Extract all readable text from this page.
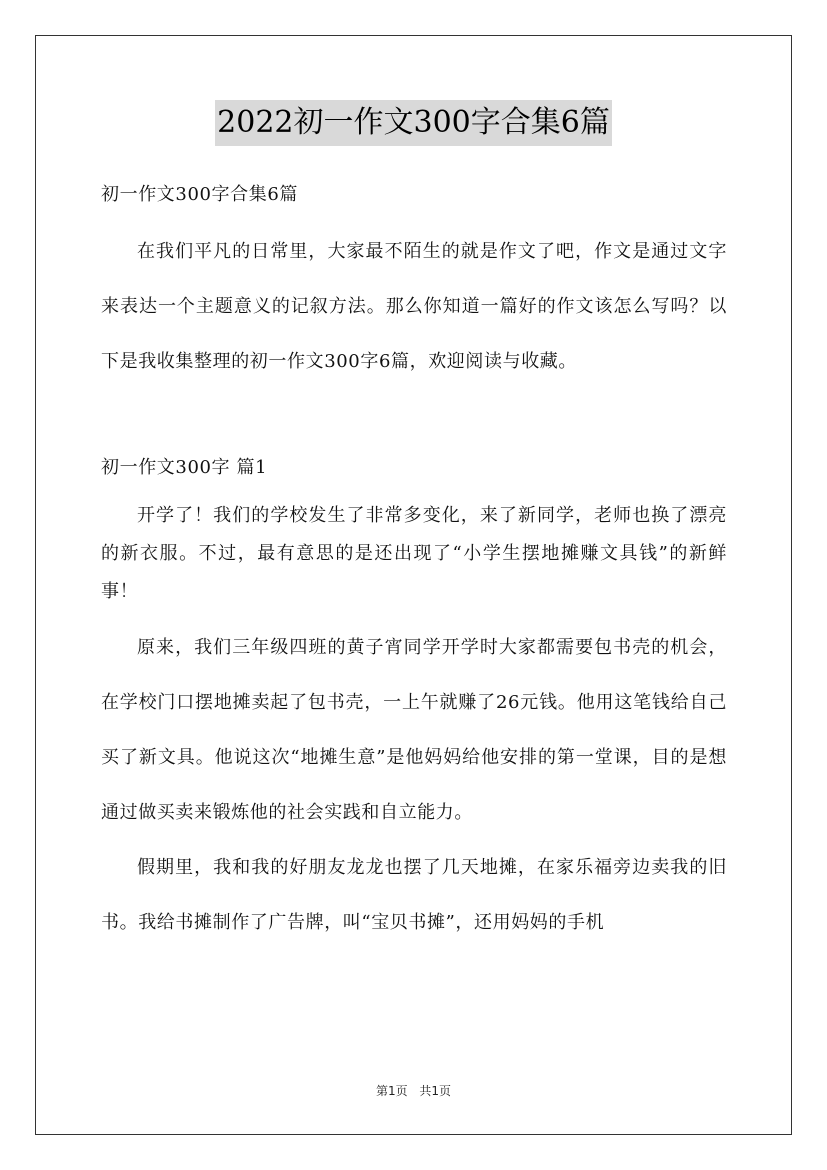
2022初一作文300字合集6篇

初一作文300字合集6篇

在我们平凡的日常里，大家最不陌生的就是作文了吧，作文是通过文字来表达一个主题意义的记叙方法。那么你知道一篇好的作文该怎么写吗？以下是我收集整理的初一作文300字6篇，欢迎阅读与收藏。

初一作文300字 篇1

开学了！我们的学校发生了非常多变化，来了新同学，老师也换了漂亮的新衣服。不过，最有意思的是还出现了“小学生摆地摊赚文具钱”的新鲜事！

原来，我们三年级四班的黄子宵同学开学时大家都需要包书壳的机会，在学校门口摆地摊卖起了包书壳，一上午就赚了26元钱。他用这笔钱给自己买了新文具。他说这次“地摊生意”是他妈妈给他安排的第一堂课，目的是想通过做买卖来锻炼他的社会实践和自立能力。

假期里，我和我的好朋友龙龙也摆了几天地摊，在家乐福旁边卖我的旧书。我给书摊制作了广告牌，叫“宝贝书摊”，还用妈妈的手机

第1页 共1页
